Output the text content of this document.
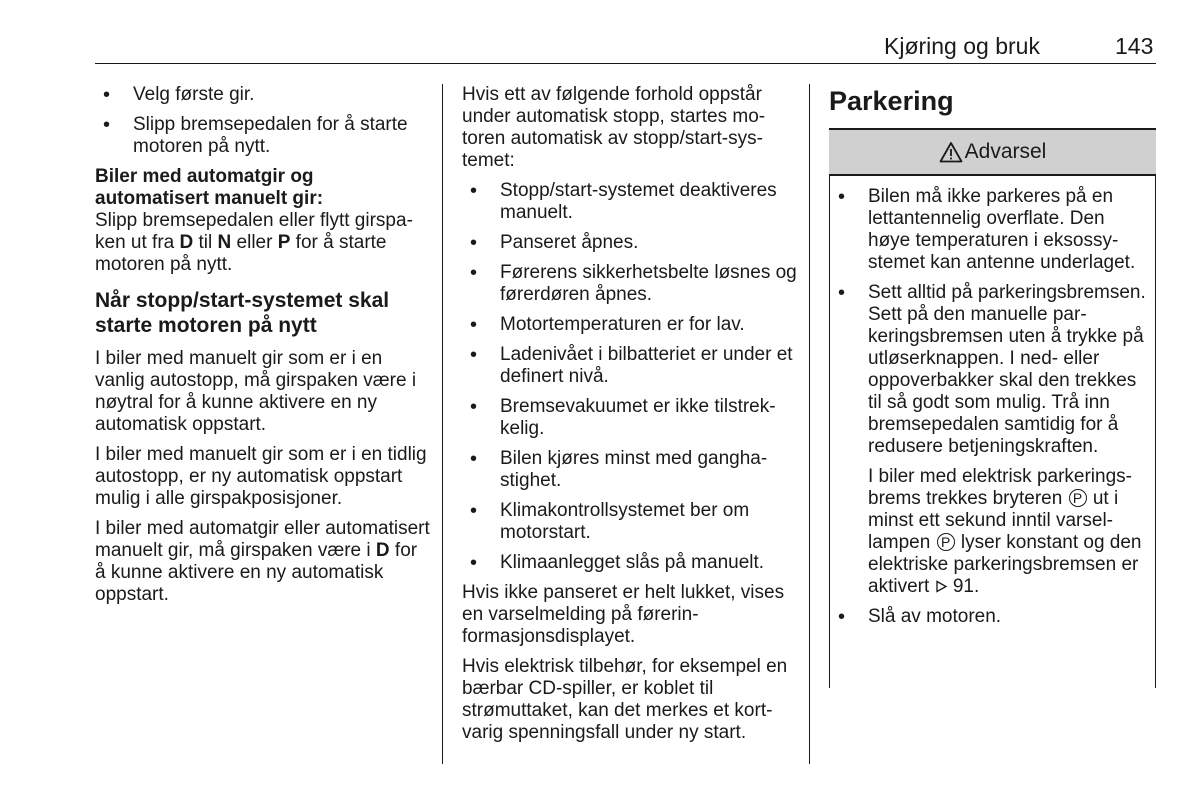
Kjøring og bruk	143
• Velg første gir.
• Slipp bremsepedalen for å starte motoren på nytt.
Biler med automatgir og automatisert manuelt gir:

Slipp bremsepedalen eller flytt girspaken ut fra D til N eller P for å starte motoren på nytt.

Når stopp/start-systemet skal starte motoren på nytt

I biler med manuelt gir som er i en vanlig autostopp, må girspaken være i nøytral for å kunne aktivere en ny automatisk oppstart.

I biler med manuelt gir som er i en tidlig autostopp, er ny automatisk oppstart mulig i alle girspakposisjoner.

I biler med automatgir eller automatisert manuelt gir, må girspaken være i D for å kunne aktivere en ny automatisk oppstart.

Hvis ett av følgende forhold oppstår under automatisk stopp, startes motoren automatisk av stopp/start-systemet:

• Stopp/start-systemet deaktiveres manuelt.
• Panseret åpnes.
• Førerens sikkerhetsbelte løsnes og førerdøren åpnes.
• Motortemperaturen er for lav.
• Ladenivået i bilbatteriet er under et definert nivå.
• Bremsevakuumet er ikke tilstrekkelig.
• Bilen kjøres minst med ganghastighet.
• Klimakontrollsystemet ber om motorstart.
• Klimaanlegget slås på manuelt.

Hvis ikke panseret er helt lukket, vises en varselmelding på førerinformasjonsdisplayet.

Hvis elektrisk tilbehør, for eksempel en bærbar CD-spiller, er koblet til strømuttaket, kan det merkes et kortvarig spenningsfall under ny start.

Parkering
Advarsel
• Bilen må ikke parkeres på en lettantennelig overflate. Den høye temperaturen i eksossystemet kan antenne underlaget.
• Sett alltid på parkeringsbremsen. Sett på den manuelle parkeringsbremsen uten å trykke på utløserknappen. I ned- eller oppoverbakker skal den trekkes til så godt som mulig. Trå inn bremsepedalen samtidig for å redusere betjeningskraften.

I biler med elektrisk parkeringsbrems trekkes bryteren P ut i minst ett sekund inntil varsellampen P lyser konstant og den elektriske parkeringsbremsen er aktivert  91.

• Slå av motoren.
